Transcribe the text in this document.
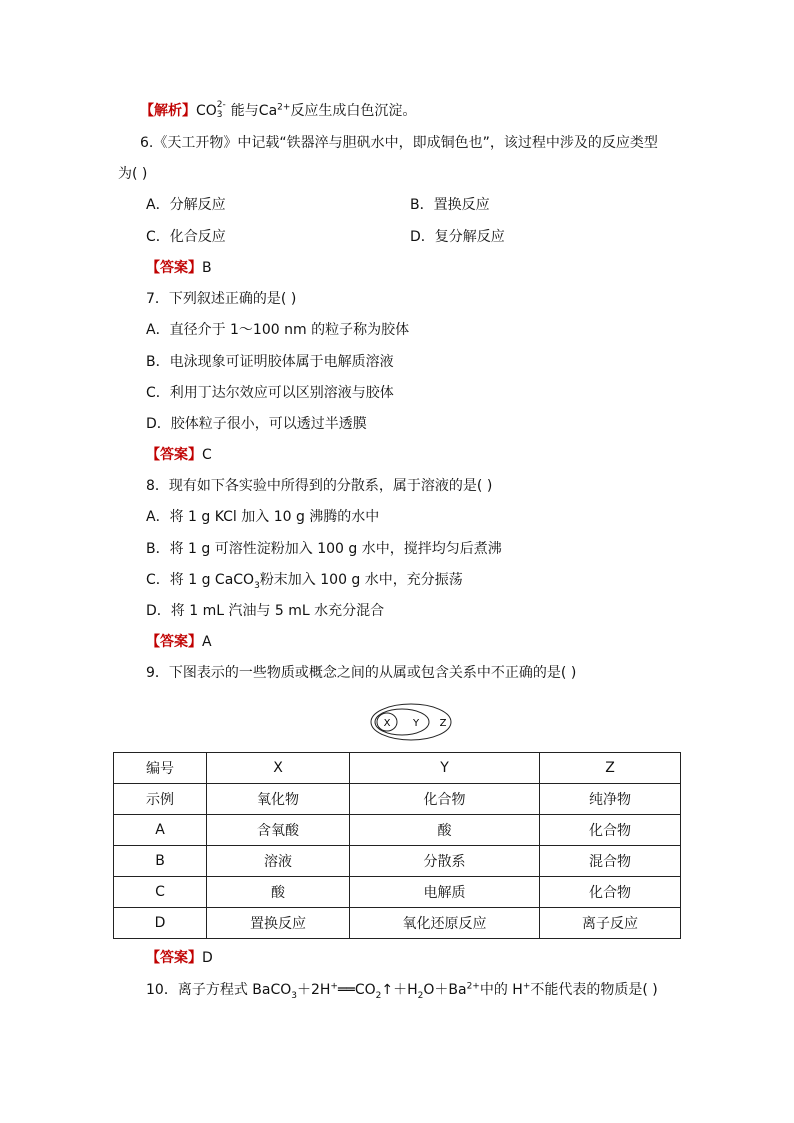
【解析】CO 2-
3 能与$Ca^{2+}$反应生成白色沉淀。
6.《天工开物》中记载“铁器淬与胆矾水中，即成铜色也”，该过程中涉及的反应类型
为( )
A．分解反应	B．置换反应
C．化合反应	D．复分解反应
【答案】B
7．下列叙述正确的是( )
A．直径介于 1～100 nm 的粒子称为胶体
B．电泳现象可证明胶体属于电解质溶液
C．利用丁达尔效应可以区别溶液与胶体
D．胶体粒子很小，可以透过半透膜
【答案】C
8．现有如下各实验中所得到的分散系，属于溶液的是( )
A．将 1 g KCl 加入 10 g 沸腾的水中
B．将 1 g 可溶性淀粉加入 100 g 水中，搅拌均匀后煮沸
C．将 1 g CaCO$_3$粉末加入 100 g 水中，充分振荡
D．将 1 mL 汽油与 5 mL 水充分混合
【答案】A
9．下图表示的一些物质或概念之间的从属或包含关系中不正确的是( )
X Y Z
编号	X	Y	Z
示例	氧化物	化合物	纯净物
A	含氧酸	酸	化合物
B	溶液	分散系	混合物
C	酸	电解质	化合物
D	置换反应	氧化还原反应	离子反应
【答案】D
10．离子方程式 $BaCO_3+2H^+══CO_2↑+H_2O+Ba^{2+}$中的 H+不能代表的物质是( )
